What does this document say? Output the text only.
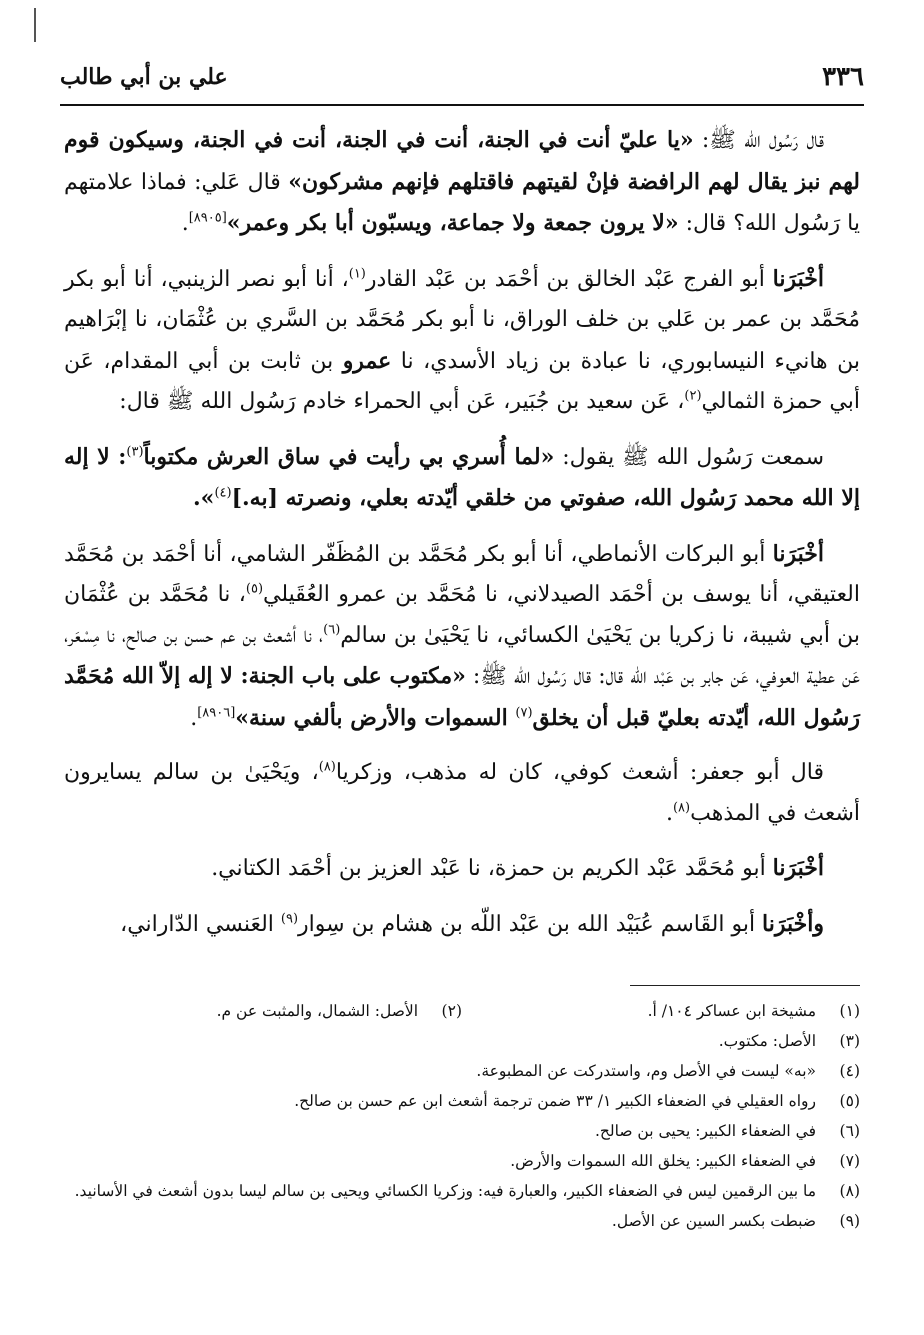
٣٣٦
علي بن أبي طالب

قال رَسُول الله ﷺ: «يا عليّ أنت في الجنة، أنت في الجنة، أنت في الجنة، وسيكون قوم لهم نبز يقال لهم الرافضة فإنْ لقيتهم فاقتلهم فإنهم مشركون» قال عَلي: فماذا علامتهم يا رَسُول الله؟ قال: «لا يرون جمعة ولا جماعة، ويسبّون أبا بكر وعمر»[٨٩٠٥].

أخْبَرَنا أبو الفرج عَبْد الخالق بن أحْمَد بن عَبْد القادر$^{(١)}$، أنا أبو نصر الزينبي، أنا أبو بكر مُحَمَّد بن عمر بن عَلي بن خلف الوراق، نا أبو بكر مُحَمَّد بن السَّري بن عُثْمَان، نا إبْرَاهيم بن هانيء النيسابوري، نا عبادة بن زياد الأسدي، نا عمرو بن ثابت بن أبي المقدام، عَن أبي حمزة الثمالي$^{(٢)}$، عَن سعيد بن جُبَير، عَن أبي الحمراء خادم رَسُول الله ﷺ قال:

سمعت رَسُول الله ﷺ يقول: «لما أُسري بي رأيت في ساق العرش مكتوباً$^{(٣)}$: لا إله إلا الله محمد رَسُول الله، صفوتي من خلقي أيّدته بعلي، ونصرته [به.]$^{(٤)}$».

أخْبَرَنا أبو البركات الأنماطي، أنا أبو بكر مُحَمَّد بن المُظَفّر الشامي، أنا أحْمَد بن مُحَمَّد العتيقي، أنا يوسف بن أحْمَد الصيدلاني، نا مُحَمَّد بن عمرو العُقَيلي$^{(٥)}$، نا مُحَمَّد بن عُثْمَان بن أبي شيبة، نا زكريا بن يَحْيَىٰ الكسائي، نا يَحْيَىٰ بن سالم$^{(٦)}$، نا أشعث بن عم حسن بن صالح، نا مِسْعَر، عَن عطية العوفي، عَن جابر بن عَبْد اللّه قال: قال رَسُول الله ﷺ: «مكتوب على باب الجنة: لا إله إلاّ الله مُحَمَّد رَسُول الله، أيّدته بعليّ قبل أن يخلق$^{(٧)}$ السموات والأرض بألفي سنة»[٨٩٠٦].

قال أبو جعفر: أشعث كوفي، كان له مذهب، وزكريا$^{(٨)}$، ويَحْيَىٰ بن سالم يسايرون أشعث في المذهب$^{(٨)}$.

أخْبَرَنا أبو مُحَمَّد عَبْد الكريم بن حمزة، نا عَبْد العزيز بن أحْمَد الكتاني.

وأخْبَرَنا أبو القَاسم عُبَيْد الله بن عَبْد اللّه بن هشام بن سِوار$^{(٩)}$ العَنسي الدّاراني،

(١)
مشيخة ابن عساكر ١٠٤/ أ.
(٢)
الأصل: الشمال، والمثبت عن م.
(٣)
الأصل: مكتوب.
(٤)
«به» ليست في الأصل وم، واستدركت عن المطبوعة.
(٥)
رواه العقيلي في الضعفاء الكبير ١/ ٣٣ ضمن ترجمة أشعث ابن عم حسن بن صالح.
(٦)
في الضعفاء الكبير: يحيى بن صالح.
(٧)
في الضعفاء الكبير: يخلق الله السموات والأرض.
(٨)
ما بين الرقمين ليس في الضعفاء الكبير، والعبارة فيه: وزكريا الكسائي ويحيى بن سالم ليسا بدون أشعث في الأسانيد.
(٩)
ضبطت بكسر السين عن الأصل.
